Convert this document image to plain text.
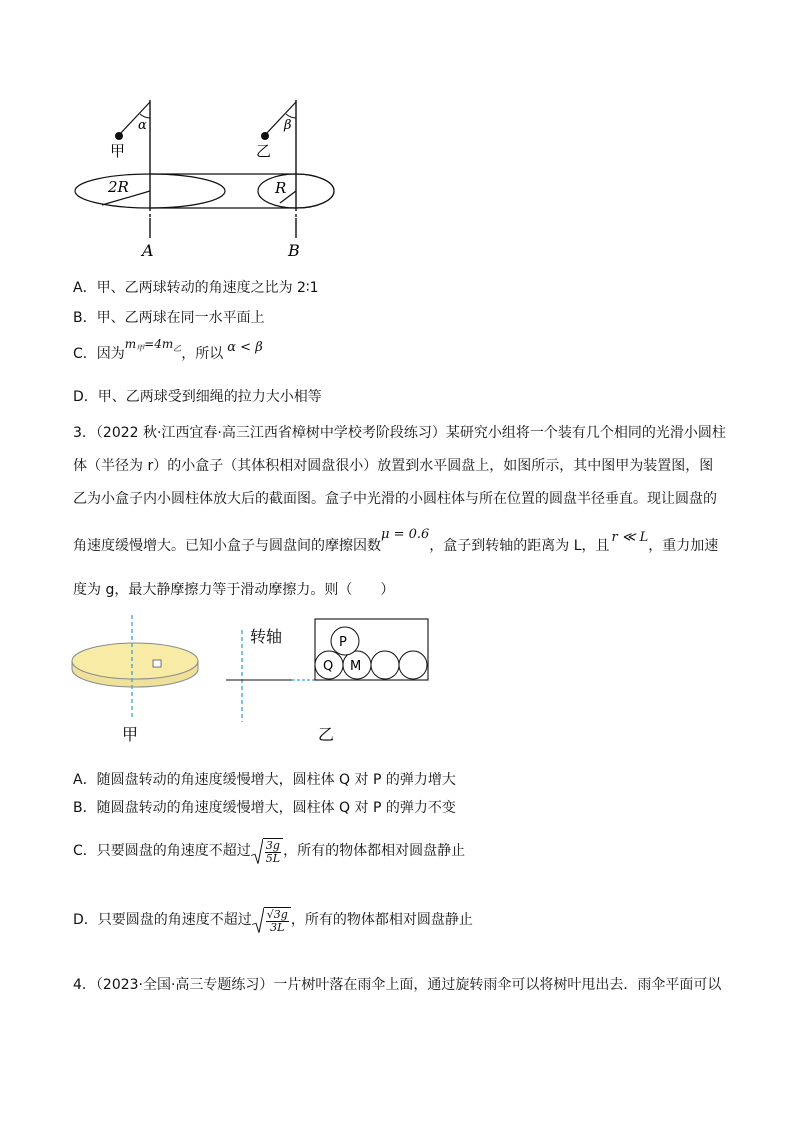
α
甲
β
乙
2R	R
A	B
A．甲、乙两球转动的角速度之比为 2∶1
B．甲、乙两球在同一水平面上
C．因为$m_甲=4m_乙$，所以 α < β
D．甲、乙两球受到细绳的拉力大小相等
3．（2022 秋·江西宜春·高三江西省樟树中学校考阶段练习）某研究小组将一个装有几个相同的光滑小圆柱
体（半径为 r）的小盒子（其体积相对圆盘很小）放置到水平圆盘上，如图所示，其中图甲为装置图，图
乙为小盒子内小圆柱体放大后的截面图。盒子中光滑的小圆柱体与所在位置的圆盘半径垂直。现让圆盘的
角速度缓慢增大。已知小盒子与圆盘间的摩擦因数μ = 0.6，盒子到转轴的距离为 L，且r ≪ L，重力加速
度为 g，最大静摩擦力等于滑动摩擦力。则（　　）
甲
转轴	P
Q M
乙
A．随圆盘转动的角速度缓慢增大，圆柱体 Q 对 P 的弹力增大
B．随圆盘转动的角速度缓慢增大，圆柱体 Q 对 P 的弹力不变
C．只要圆盘的角速度不超过 $\frac{3g}{5L}$ ，所有的物体都相对圆盘静止
D．只要圆盘的角速度不超过 $\frac{√3g}{3L}$ ，所有的物体都相对圆盘静止
4．（2023·全国·高三专题练习）一片树叶落在雨伞上面，通过旋转雨伞可以将树叶甩出去．雨伞平面可以
